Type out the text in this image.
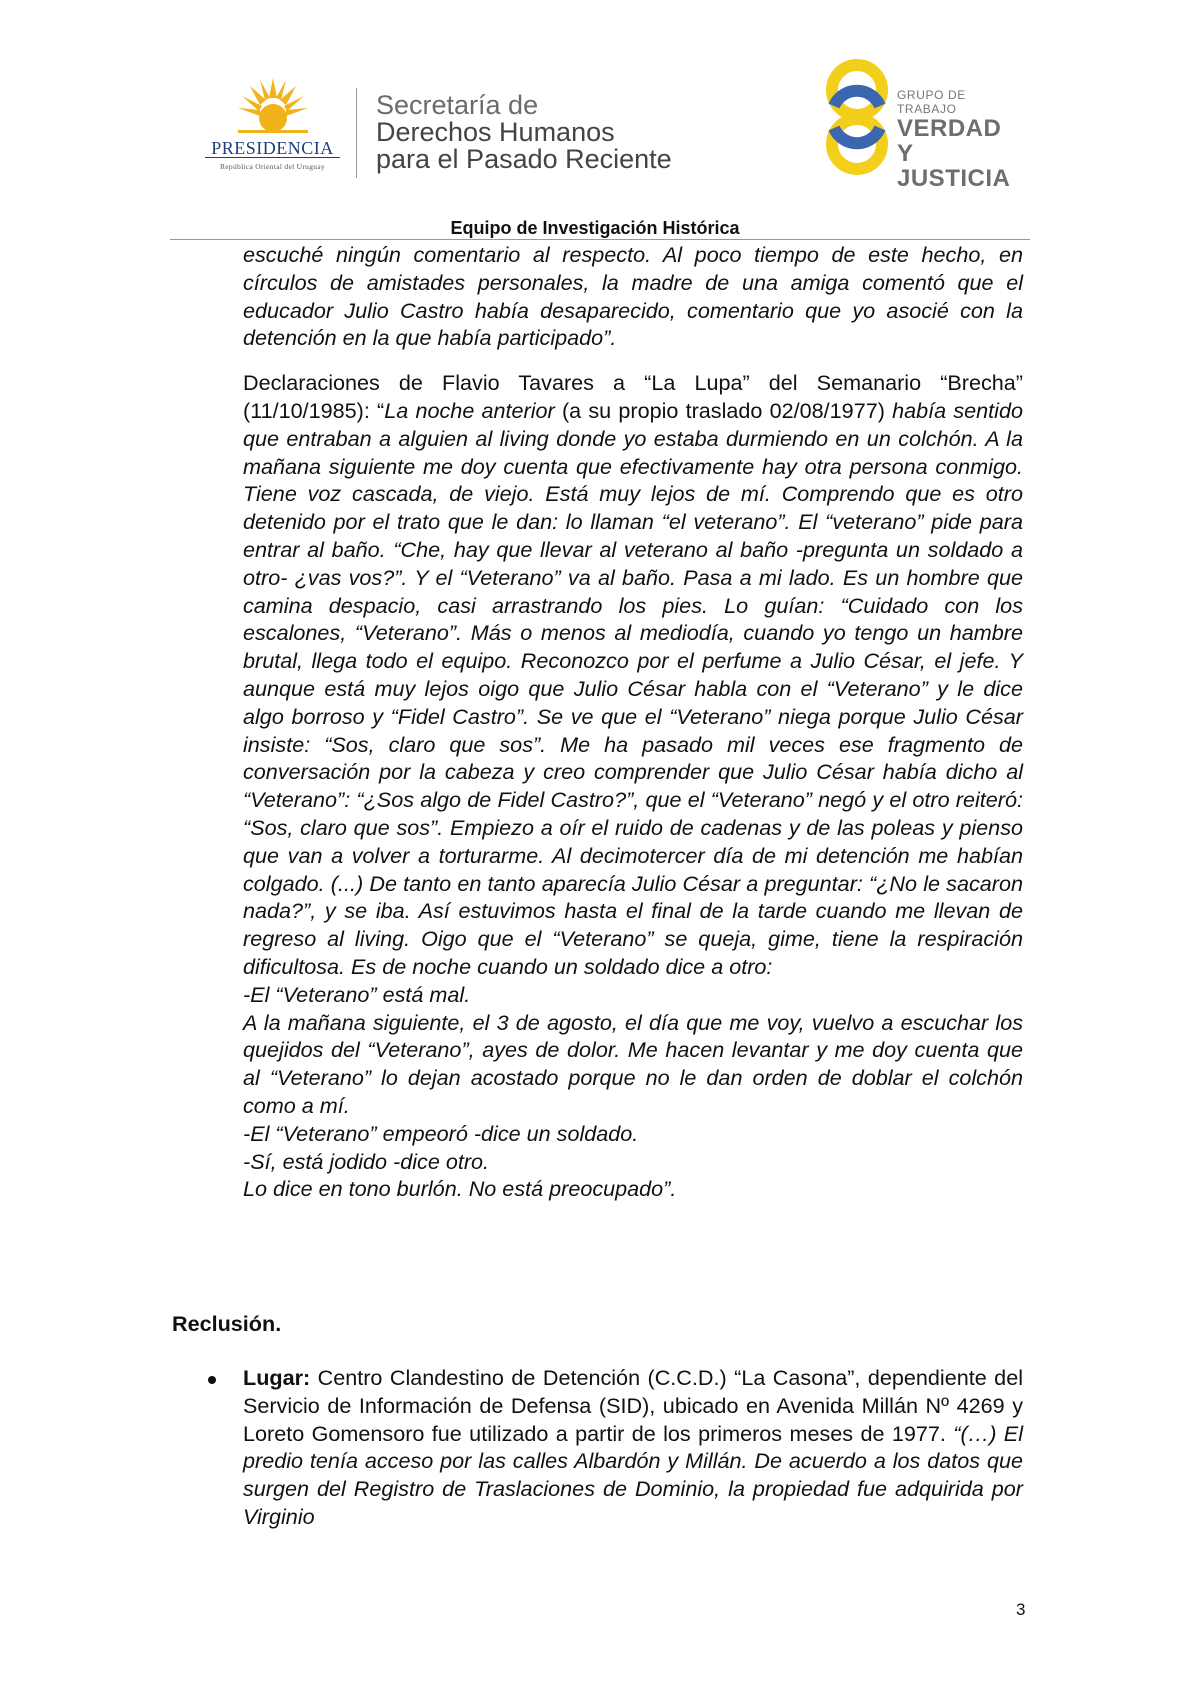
PRESIDENCIA
República Oriental del Uruguay
Secretaría de
Derechos Humanos
para el Pasado Reciente
GRUPO DE TRABAJO
VERDAD Y
JUSTICIA
Equipo de Investigación Histórica

escuché ningún comentario al respecto. Al poco tiempo de este hecho, en círculos de amistades personales, la madre de una amiga comentó que el educador Julio Castro había desaparecido, comentario que yo asocié con la detención en la que había participado”.

Declaraciones de Flavio Tavares a “La Lupa” del Semanario “Brecha” (11/10/1985): “La noche anterior (a su propio traslado 02/08/1977) había sentido que entraban a alguien al living donde yo estaba durmiendo en un colchón. A la mañana siguiente me doy cuenta que efectivamente hay otra persona conmigo. Tiene voz cascada, de viejo. Está muy lejos de mí. Comprendo que es otro detenido por el trato que le dan: lo llaman “el veterano”. El “veterano” pide para entrar al baño. “Che, hay que llevar al veterano al baño -pregunta un soldado a otro- ¿vas vos?”. Y el “Veterano” va al baño. Pasa a mi lado. Es un hombre que camina despacio, casi arrastrando los pies. Lo guían: “Cuidado con los escalones, “Veterano”. Más o menos al mediodía, cuando yo tengo un hambre brutal, llega todo el equipo. Reconozco por el perfume a Julio César, el jefe. Y aunque está muy lejos oigo que Julio César habla con el “Veterano” y le dice algo borroso y “Fidel Castro”. Se ve que el “Veterano” niega porque Julio César insiste: “Sos, claro que sos”. Me ha pasado mil veces ese fragmento de conversación por la cabeza y creo comprender que Julio César había dicho al “Veterano”: “¿Sos algo de Fidel Castro?”, que el “Veterano” negó y el otro reiteró: “Sos, claro que sos”. Empiezo a oír el ruido de cadenas y de las poleas y pienso que van a volver a torturarme. Al decimotercer día de mi detención me habían colgado. (...) De tanto en tanto aparecía Julio César a preguntar: “¿No le sacaron nada?”, y se iba. Así estuvimos hasta el final de la tarde cuando me llevan de regreso al living. Oigo que el “Veterano” se queja, gime, tiene la respiración dificultosa. Es de noche cuando un soldado dice a otro:

-El “Veterano” está mal.

A la mañana siguiente, el 3 de agosto, el día que me voy, vuelvo a escuchar los quejidos del “Veterano”, ayes de dolor. Me hacen levantar y me doy cuenta que al “Veterano” lo dejan acostado porque no le dan orden de doblar el colchón como a mí.

-El “Veterano” empeoró -dice un soldado.

-Sí, está jodido -dice otro.

Lo dice en tono burlón. No está preocupado”.

Reclusión.
Lugar: Centro Clandestino de Detención (C.C.D.) “La Casona”, dependiente del Servicio de Información de Defensa (SID), ubicado en Avenida Millán Nº 4269 y Loreto Gomensoro fue utilizado a partir de los primeros meses de 1977. “(…) El predio tenía acceso por las calles Albardón y Millán. De acuerdo a los datos que surgen del Registro de Traslaciones de Dominio, la propiedad fue adquirida por Virginio
3
